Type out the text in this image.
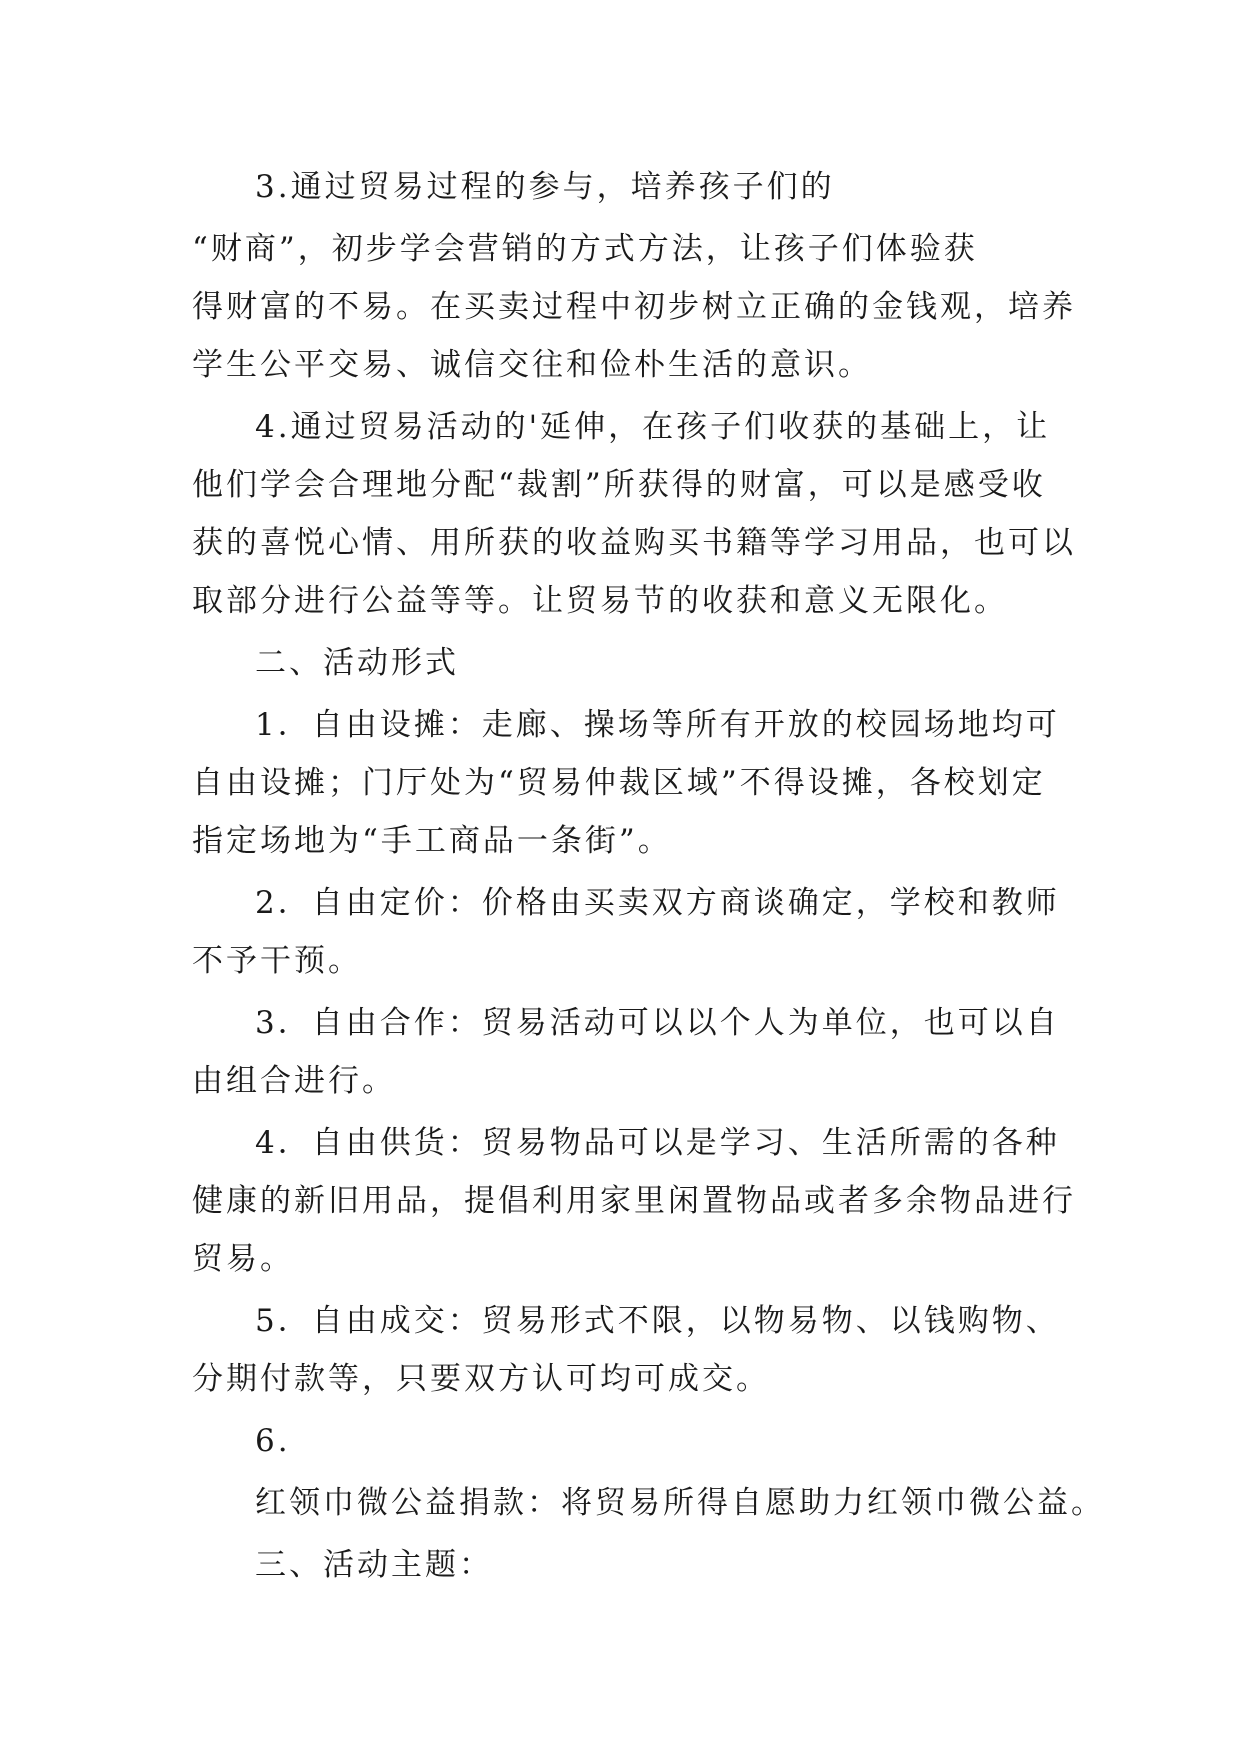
3.通过贸易过程的参与，培养孩子们的

“财商”，初步学会营销的方式方法，让孩子们体验获
得财富的不易。在买卖过程中初步树立正确的金钱观，培养
学生公平交易、诚信交往和俭朴生活的意识。

4.通过贸易活动的'延伸，在孩子们收获的基础上，让
他们学会合理地分配“裁割”所获得的财富，可以是感受收
获的喜悦心情、用所获的收益购买书籍等学习用品，也可以
取部分进行公益等等。让贸易节的收获和意义无限化。

二、活动形式

1．自由设摊：走廊、操场等所有开放的校园场地均可
自由设摊；门厅处为“贸易仲裁区域”不得设摊，各校划定
指定场地为“手工商品一条街”。

2．自由定价：价格由买卖双方商谈确定，学校和教师
不予干预。

3．自由合作：贸易活动可以以个人为单位，也可以自
由组合进行。

4．自由供货：贸易物品可以是学习、生活所需的各种
健康的新旧用品，提倡利用家里闲置物品或者多余物品进行
贸易。

5．自由成交：贸易形式不限，以物易物、以钱购物、
分期付款等，只要双方认可均可成交。

6.

红领巾微公益捐款：将贸易所得自愿助力红领巾微公益。

三、活动主题：
